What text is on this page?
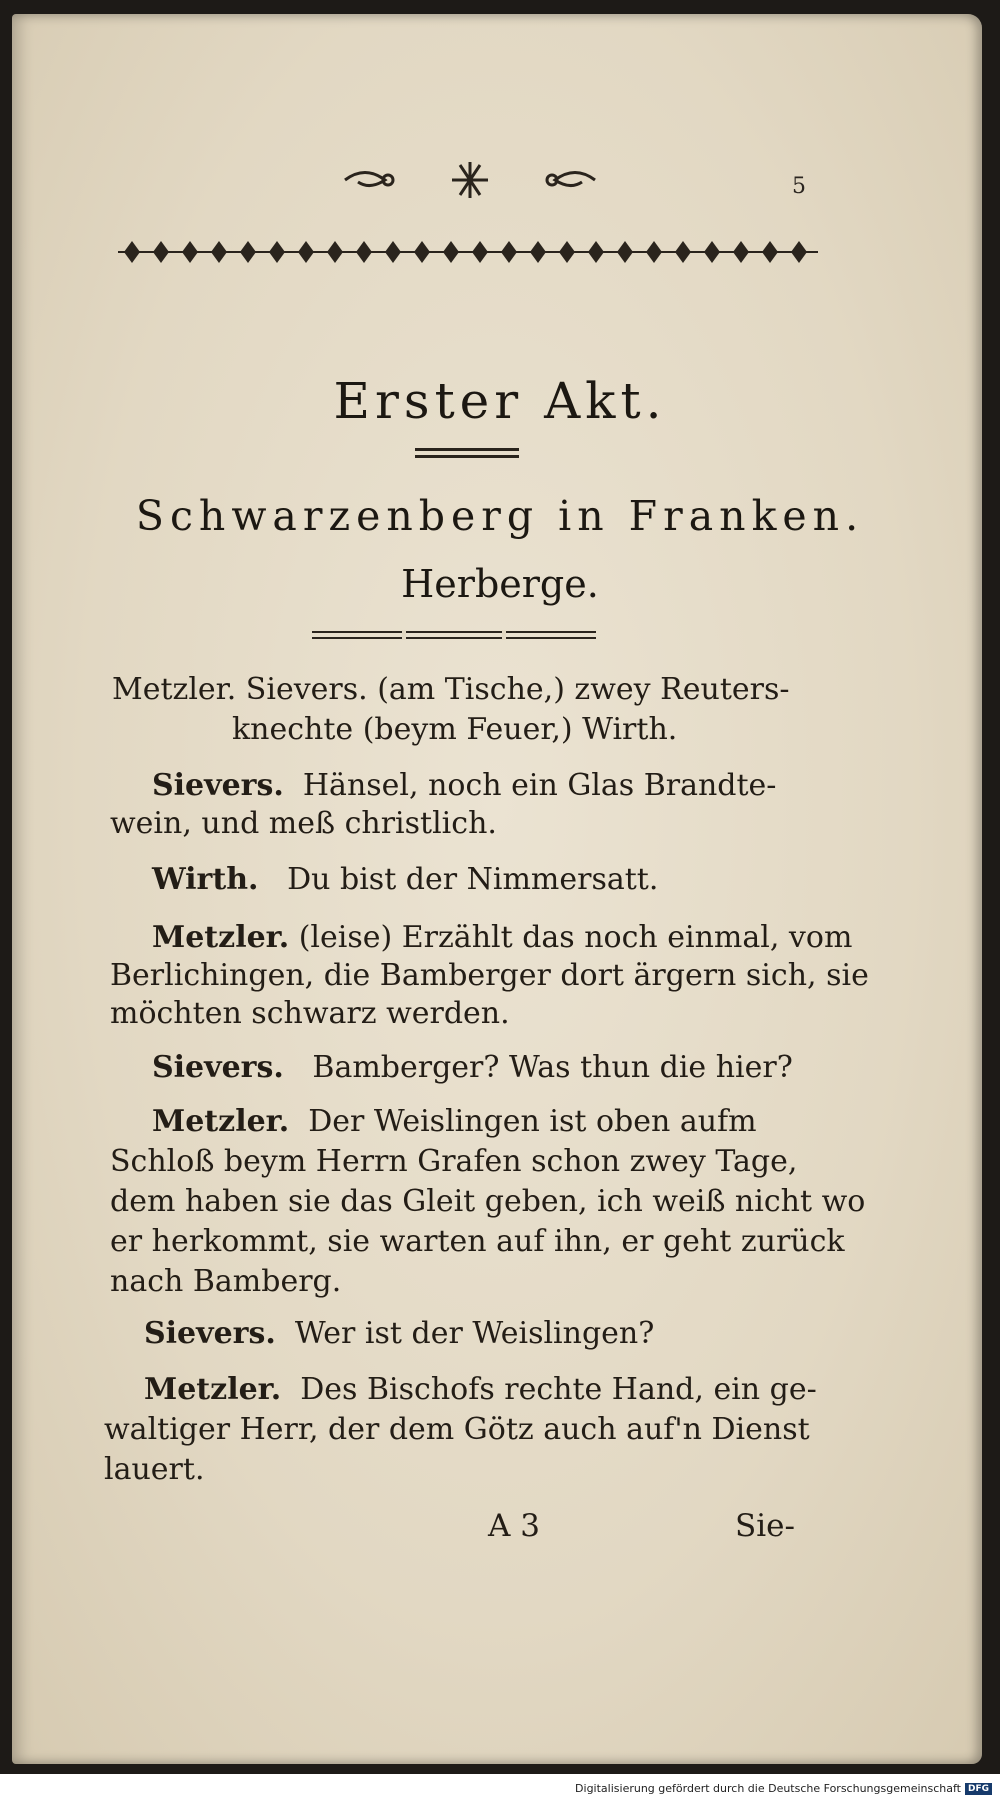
5
Erster Akt.
Schwarzenberg in Franken.
Herberge.
Metzler. Sievers. (am Tische,) zwey Reuters-
knechte (beym Feuer,) Wirth.
Sievers. Hänsel, noch ein Glas Brandte-
wein, und meß christlich.
Wirth. Du bist der Nimmersatt.
Metzler. (leise) Erzählt das noch einmal, vom
Berlichingen, die Bamberger dort ärgern sich, sie
möchten schwarz werden.
Sievers. Bamberger? Was thun die hier?
Metzler. Der Weislingen ist oben aufm
Schloß beym Herrn Grafen schon zwey Tage,
dem haben sie das Gleit geben, ich weiß nicht wo
er herkommt, sie warten auf ihn, er geht zurück
nach Bamberg.
Sievers. Wer ist der Weislingen?
Metzler. Des Bischofs rechte Hand, ein ge-
waltiger Herr, der dem Götz auch auf'n Dienst
lauert.
A 3	Sie-
Digitalisierung gefördert durch die Deutsche Forschungsgemeinschaft DFG
